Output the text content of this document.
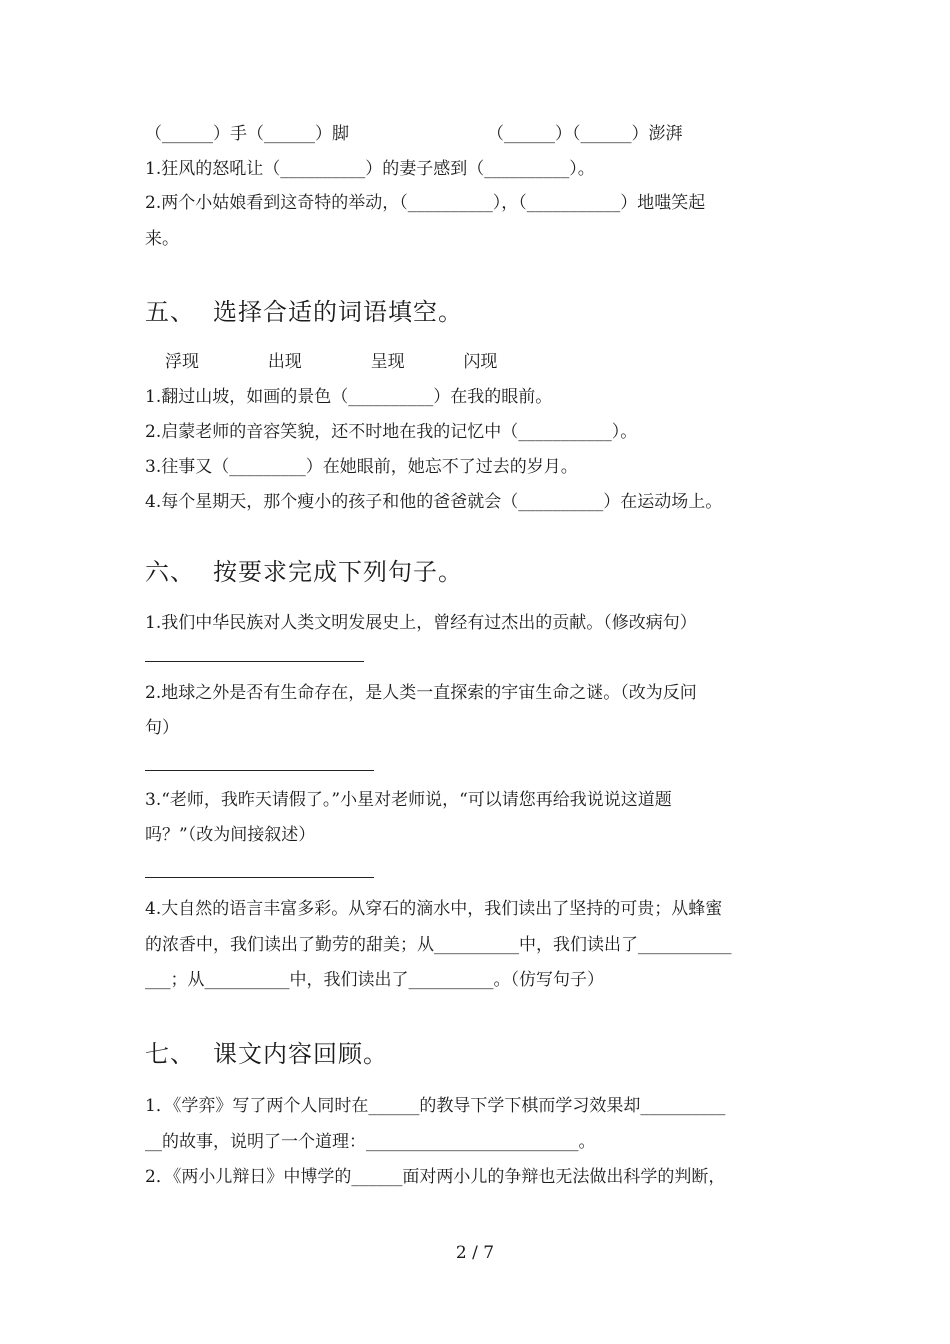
（______）手（______）脚	（______）（______）澎湃
1.狂风的怒吼让（__________）的妻子感到（__________）。
2.两个小姑娘看到这奇特的举动，（__________），（___________）地嗤笑起
来。
五、 选择合适的词语填空。
浮现	出现	呈现	闪现
1.翻过山坡，如画的景色（__________）在我的眼前。
2.启蒙老师的音容笑貌，还不时地在我的记忆中（___________）。
3.往事又（_________）在她眼前，她忘不了过去的岁月。
4.每个星期天，那个瘦小的孩子和他的爸爸就会（__________）在运动场上。
六、 按要求完成下列句子。
1.我们中华民族对人类文明发展史上，曾经有过杰出的贡献。（修改病句）
2.地球之外是否有生命存在，是人类一直探索的宇宙生命之谜。（改为反问
句）
3.“老师，我昨天请假了。”小星对老师说，“可以请您再给我说说这道题
吗？”（改为间接叙述）
4.大自然的语言丰富多彩。从穿石的滴水中，我们读出了坚持的可贵；从蜂蜜
的浓香中，我们读出了勤劳的甜美；从__________中，我们读出了___________
___；从__________中，我们读出了__________。（仿写句子）
七、 课文内容回顾。
1．《学弈》写了两个人同时在______的教导下学下棋而学习效果却__________
__的故事，说明了一个道理：_________________________。
2．《两小儿辩日》中博学的______面对两小儿的争辩也无法做出科学的判断，
2 / 7
